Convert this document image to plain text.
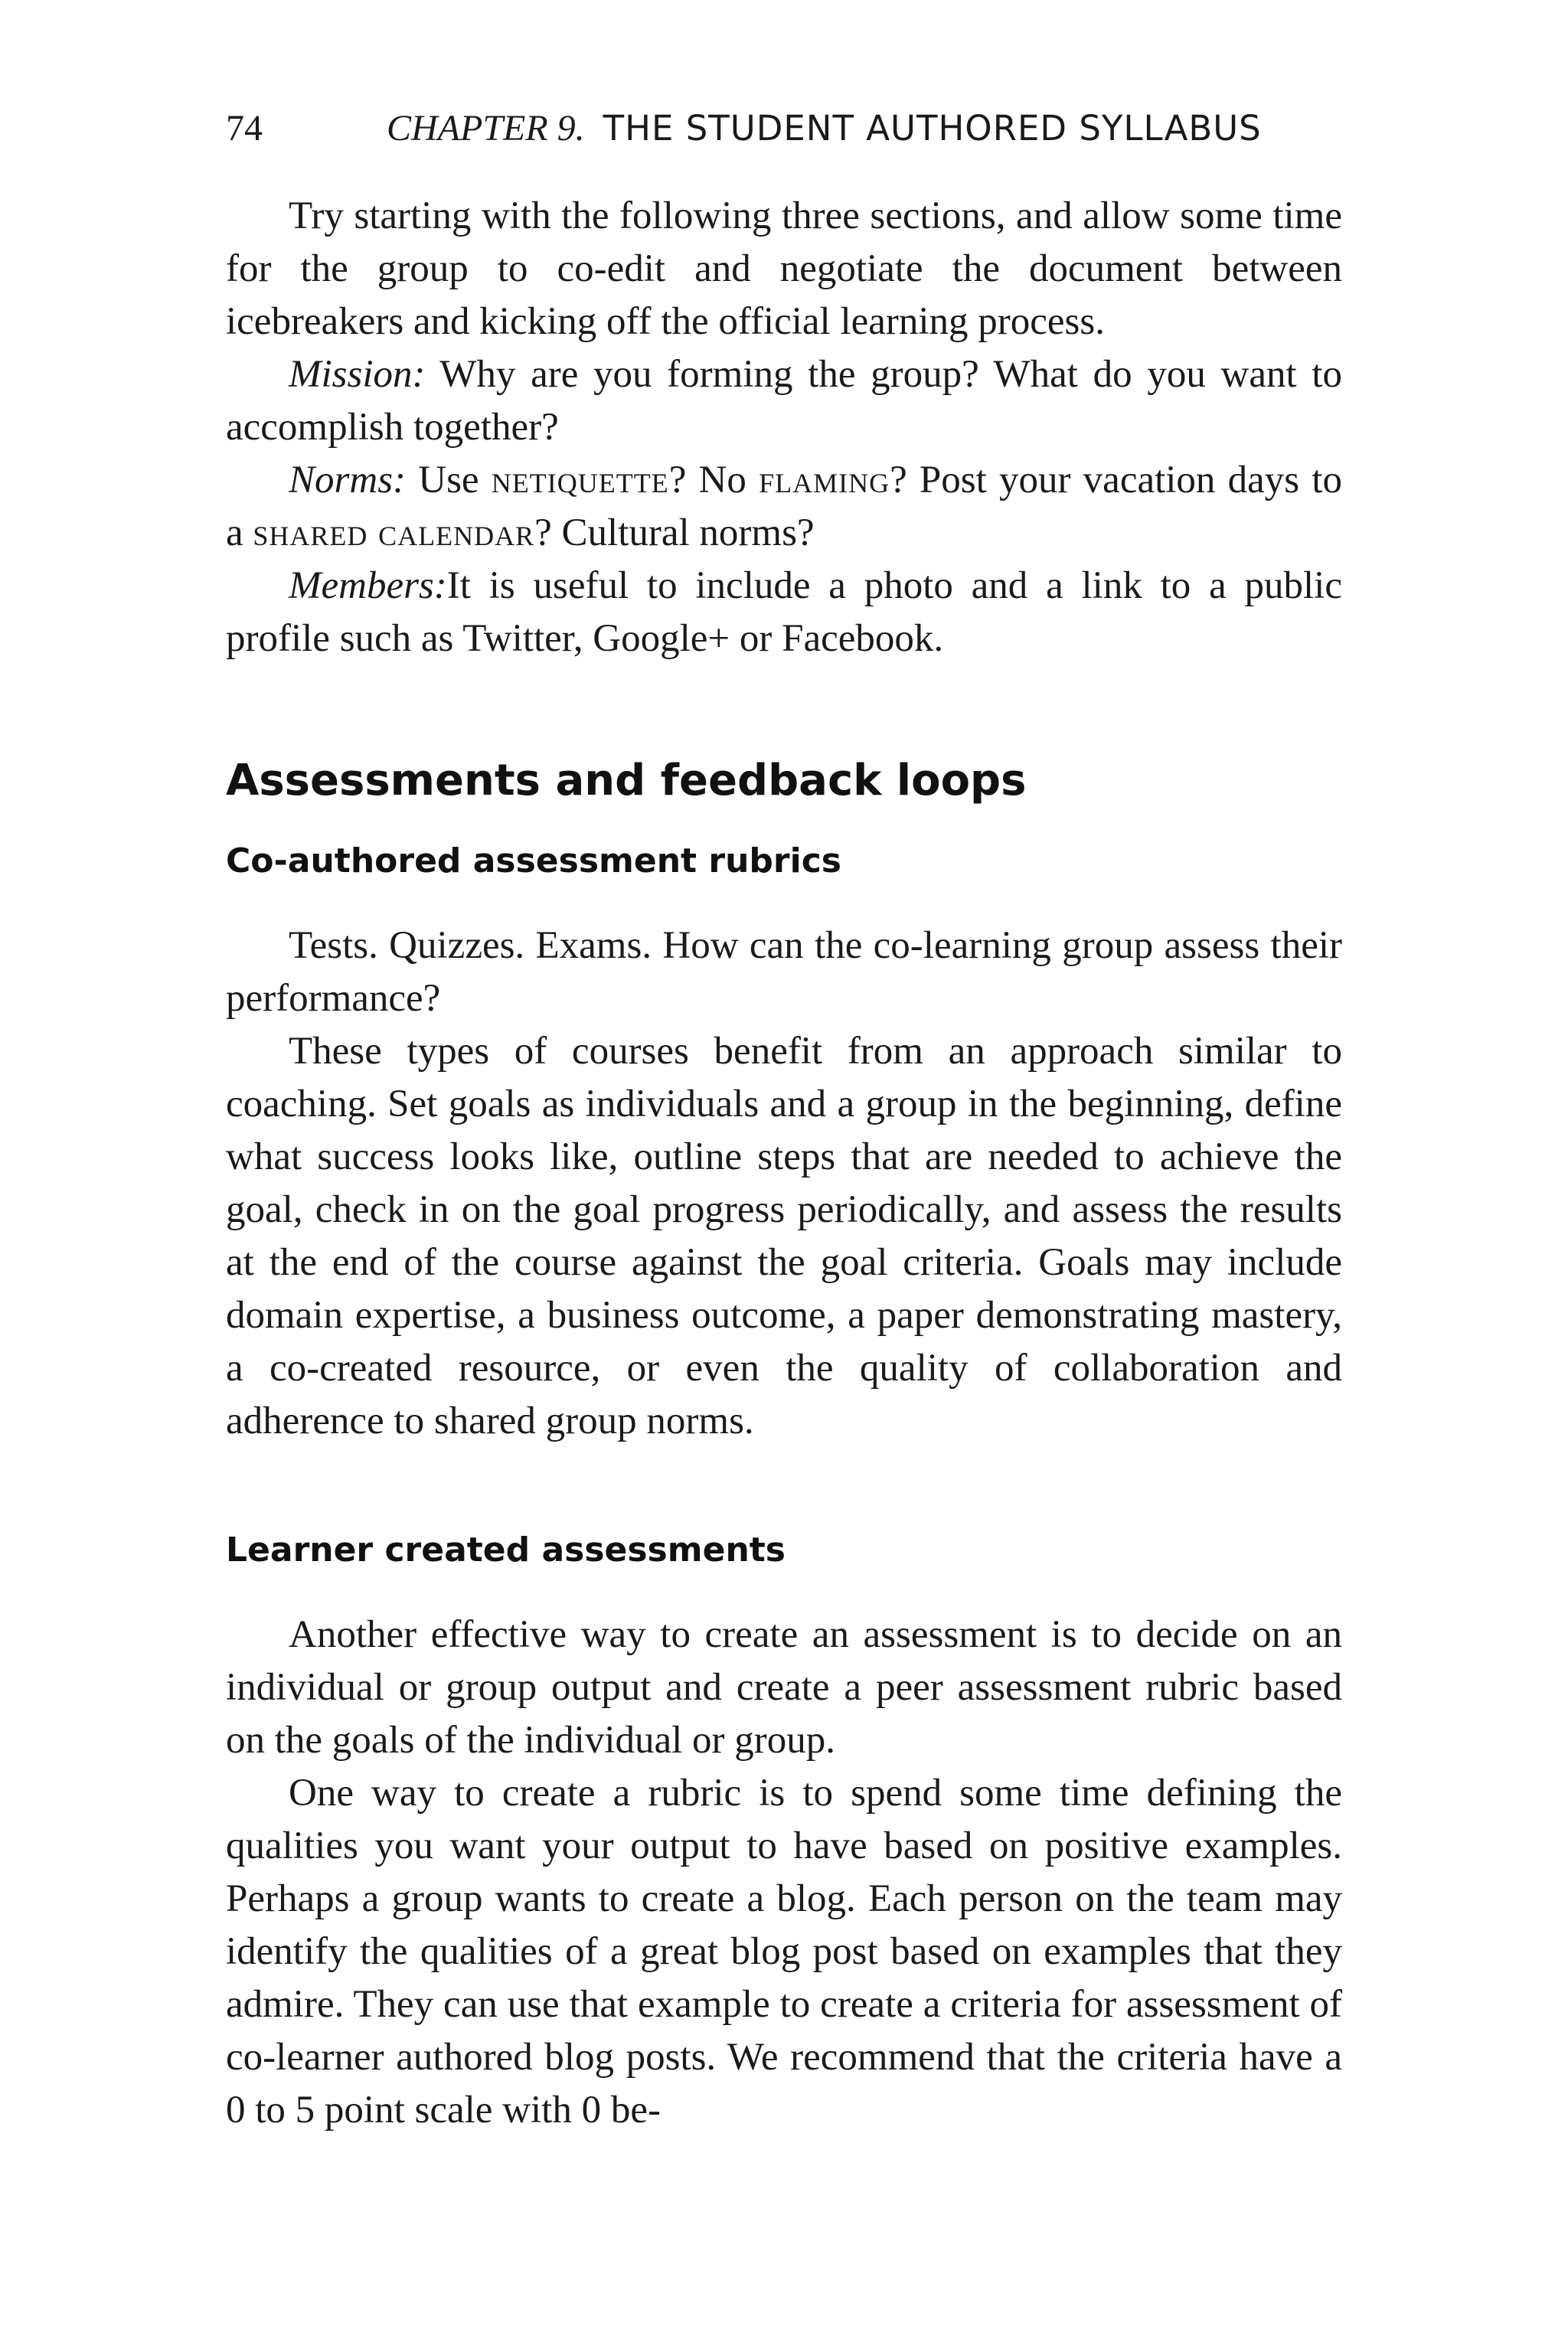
74	CHAPTER 9. THE STUDENT AUTHORED SYLLABUS

Try starting with the following three sections, and allow some time for the group to co-edit and negotiate the document between icebreakers and kicking off the official learning process.

Mission: Why are you forming the group? What do you want to accomplish together?

Norms: Use netiquette? No flaming? Post your vacation days to a shared calendar? Cultural norms?

Members:It is useful to include a photo and a link to a public profile such as Twitter, Google+ or Facebook.

Assessments and feedback loops
Co-authored assessment rubrics

Tests. Quizzes. Exams. How can the co-learning group assess their performance?

These types of courses benefit from an approach similar to coaching. Set goals as individuals and a group in the beginning, define what success looks like, outline steps that are needed to achieve the goal, check in on the goal progress periodically, and assess the results at the end of the course against the goal criteria. Goals may include domain expertise, a business outcome, a paper demonstrating mastery, a co-created resource, or even the quality of collaboration and adherence to shared group norms.

Learner created assessments

Another effective way to create an assessment is to decide on an individual or group output and create a peer assessment rubric based on the goals of the individual or group.

One way to create a rubric is to spend some time defining the qualities you want your output to have based on positive examples. Perhaps a group wants to create a blog. Each person on the team may identify the qualities of a great blog post based on examples that they admire. They can use that example to create a criteria for assessment of co-learner authored blog posts. We recommend that the criteria have a 0 to 5 point scale with 0 be-
